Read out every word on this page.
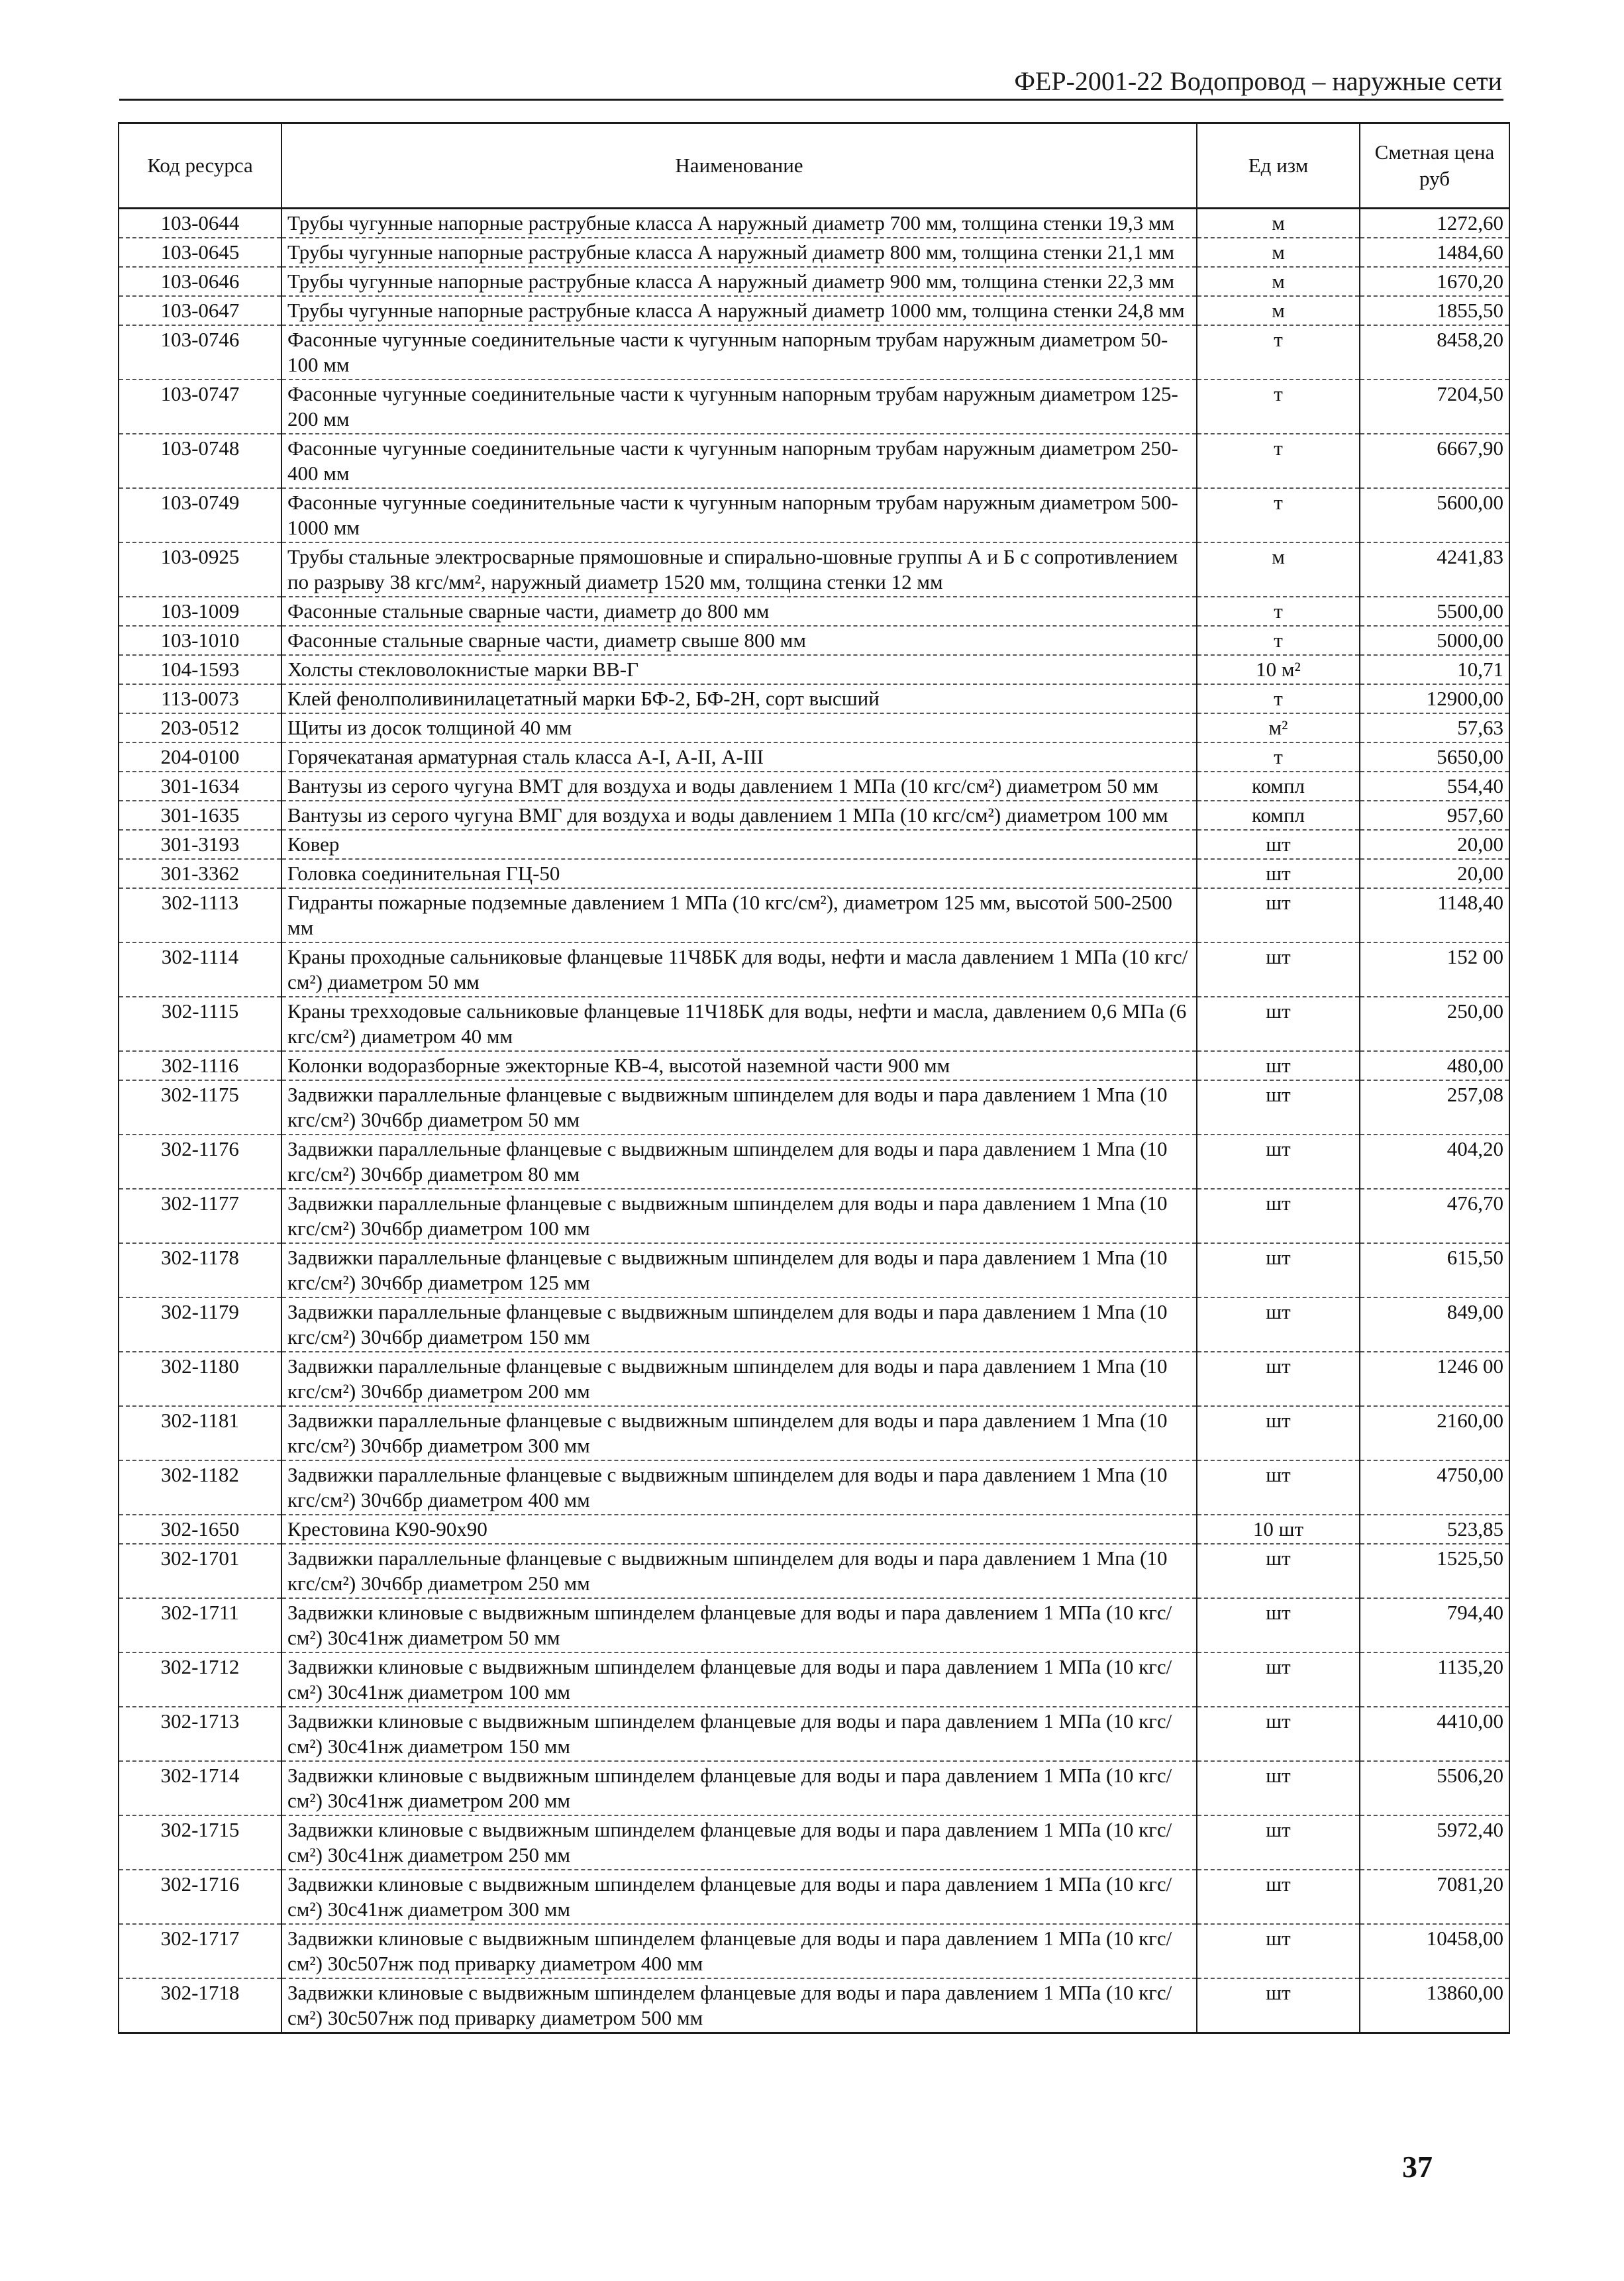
ФЕР-2001-22 Водопровод – наружные сети
Код ресурса	Наименование	Ед изм	Сметная цена руб
103-0644	Трубы чугунные напорные раструбные класса А наружный диаметр 700 мм, толщина стенки 19,3 мм	м	1272,60
103-0645	Трубы чугунные напорные раструбные класса А наружный диаметр 800 мм, толщина стенки 21,1 мм	м	1484,60
103-0646	Трубы чугунные напорные раструбные класса А наружный диаметр 900 мм, толщина стенки 22,3 мм	м	1670,20
103-0647	Трубы чугунные напорные раструбные класса А наружный диаметр 1000 мм, толщина стенки 24,8 мм	м	1855,50
103-0746	Фасонные чугунные соединительные части к чугунным напорным трубам наружным диаметром 50-100 мм	т	8458,20
103-0747	Фасонные чугунные соединительные части к чугунным напорным трубам наружным диаметром 125-200 мм	т	7204,50
103-0748	Фасонные чугунные соединительные части к чугунным напорным трубам наружным диаметром 250-400 мм	т	6667,90
103-0749	Фасонные чугунные соединительные части к чугунным напорным трубам наружным диаметром 500-1000 мм	т	5600,00
103-0925	Трубы стальные электросварные прямошовные и спирально-шовные группы А и Б с сопротивлением по разрыву 38 кгс/мм², наружный диаметр 1520 мм, толщина стенки 12 мм	м	4241,83
103-1009	Фасонные стальные сварные части, диаметр до 800 мм	т	5500,00
103-1010	Фасонные стальные сварные части, диаметр свыше 800 мм	т	5000,00
104-1593	Холсты стекловолокнистые марки ВВ-Г	10 м²	10,71
113-0073	Клей фенолполивинилацетатный марки БФ-2, БФ-2Н, сорт высший	т	12900,00
203-0512	Щиты из досок толщиной 40 мм	м²	57,63
204-0100	Горячекатаная арматурная сталь класса А-I, А-II, А-III	т	5650,00
301-1634	Вантузы из серого чугуна ВМТ для воздуха и воды давлением 1 МПа (10 кгс/см²) диаметром 50 мм	компл	554,40
301-1635	Вантузы из серого чугуна ВМГ для воздуха и воды давлением 1 МПа (10 кгс/см²) диаметром 100 мм	компл	957,60
301-3193	Ковер	шт	20,00
301-3362	Головка соединительная ГЦ-50	шт	20,00
302-1113	Гидранты пожарные подземные давлением 1 МПа (10 кгс/см²), диаметром 125 мм, высотой 500-2500 мм	шт	1148,40
302-1114	Краны проходные сальниковые фланцевые 11Ч8БК для воды, нефти и масла давлением 1 МПа (10 кгс/см²) диаметром 50 мм	шт	152 00
302-1115	Краны трехходовые сальниковые фланцевые 11Ч18БК для воды, нефти и масла, давлением 0,6 МПа (6 кгс/см²) диаметром 40 мм	шт	250,00
302-1116	Колонки водоразборные эжекторные КВ-4, высотой наземной части 900 мм	шт	480,00
302-1175	Задвижки параллельные фланцевые с выдвижным шпинделем для воды и пара давлением 1 Мпа (10 кгс/см²) 30ч6бр диаметром 50 мм	шт	257,08
302-1176	Задвижки параллельные фланцевые с выдвижным шпинделем для воды и пара давлением 1 Мпа (10 кгс/см²) 30ч6бр диаметром 80 мм	шт	404,20
302-1177	Задвижки параллельные фланцевые с выдвижным шпинделем для воды и пара давлением 1 Мпа (10 кгс/см²) 30ч6бр диаметром 100 мм	шт	476,70
302-1178	Задвижки параллельные фланцевые с выдвижным шпинделем для воды и пара давлением 1 Мпа (10 кгс/см²) 30ч6бр диаметром 125 мм	шт	615,50
302-1179	Задвижки параллельные фланцевые с выдвижным шпинделем для воды и пара давлением 1 Мпа (10 кгс/см²) 30ч6бр диаметром 150 мм	шт	849,00
302-1180	Задвижки параллельные фланцевые с выдвижным шпинделем для воды и пара давлением 1 Мпа (10 кгс/см²) 30ч6бр диаметром 200 мм	шт	1246 00
302-1181	Задвижки параллельные фланцевые с выдвижным шпинделем для воды и пара давлением 1 Мпа (10 кгс/см²) 30ч6бр диаметром 300 мм	шт	2160,00
302-1182	Задвижки параллельные фланцевые с выдвижным шпинделем для воды и пара давлением 1 Мпа (10 кгс/см²) 30ч6бр диаметром 400 мм	шт	4750,00
302-1650	Крестовина К90-90х90	10 шт	523,85
302-1701	Задвижки параллельные фланцевые с выдвижным шпинделем для воды и пара давлением 1 Мпа (10 кгс/см²) 30ч6бр диаметром 250 мм	шт	1525,50
302-1711	Задвижки клиновые с выдвижным шпинделем фланцевые для воды и пара давлением 1 МПа (10 кгс/см²) 30с41нж диаметром 50 мм	шт	794,40
302-1712	Задвижки клиновые с выдвижным шпинделем фланцевые для воды и пара давлением 1 МПа (10 кгс/см²) 30с41нж диаметром 100 мм	шт	1135,20
302-1713	Задвижки клиновые с выдвижным шпинделем фланцевые для воды и пара давлением 1 МПа (10 кгс/см²) 30с41нж диаметром 150 мм	шт	4410,00
302-1714	Задвижки клиновые с выдвижным шпинделем фланцевые для воды и пара давлением 1 МПа (10 кгс/см²) 30с41нж диаметром 200 мм	шт	5506,20
302-1715	Задвижки клиновые с выдвижным шпинделем фланцевые для воды и пара давлением 1 МПа (10 кгс/см²) 30с41нж диаметром 250 мм	шт	5972,40
302-1716	Задвижки клиновые с выдвижным шпинделем фланцевые для воды и пара давлением 1 МПа (10 кгс/см²) 30с41нж диаметром 300 мм	шт	7081,20
302-1717	Задвижки клиновые с выдвижным шпинделем фланцевые для воды и пара давлением 1 МПа (10 кгс/см²) 30с507нж под приварку диаметром 400 мм	шт	10458,00
302-1718	Задвижки клиновые с выдвижным шпинделем фланцевые для воды и пара давлением 1 МПа (10 кгс/см²) 30с507нж под приварку диаметром 500 мм	шт	13860,00
37
